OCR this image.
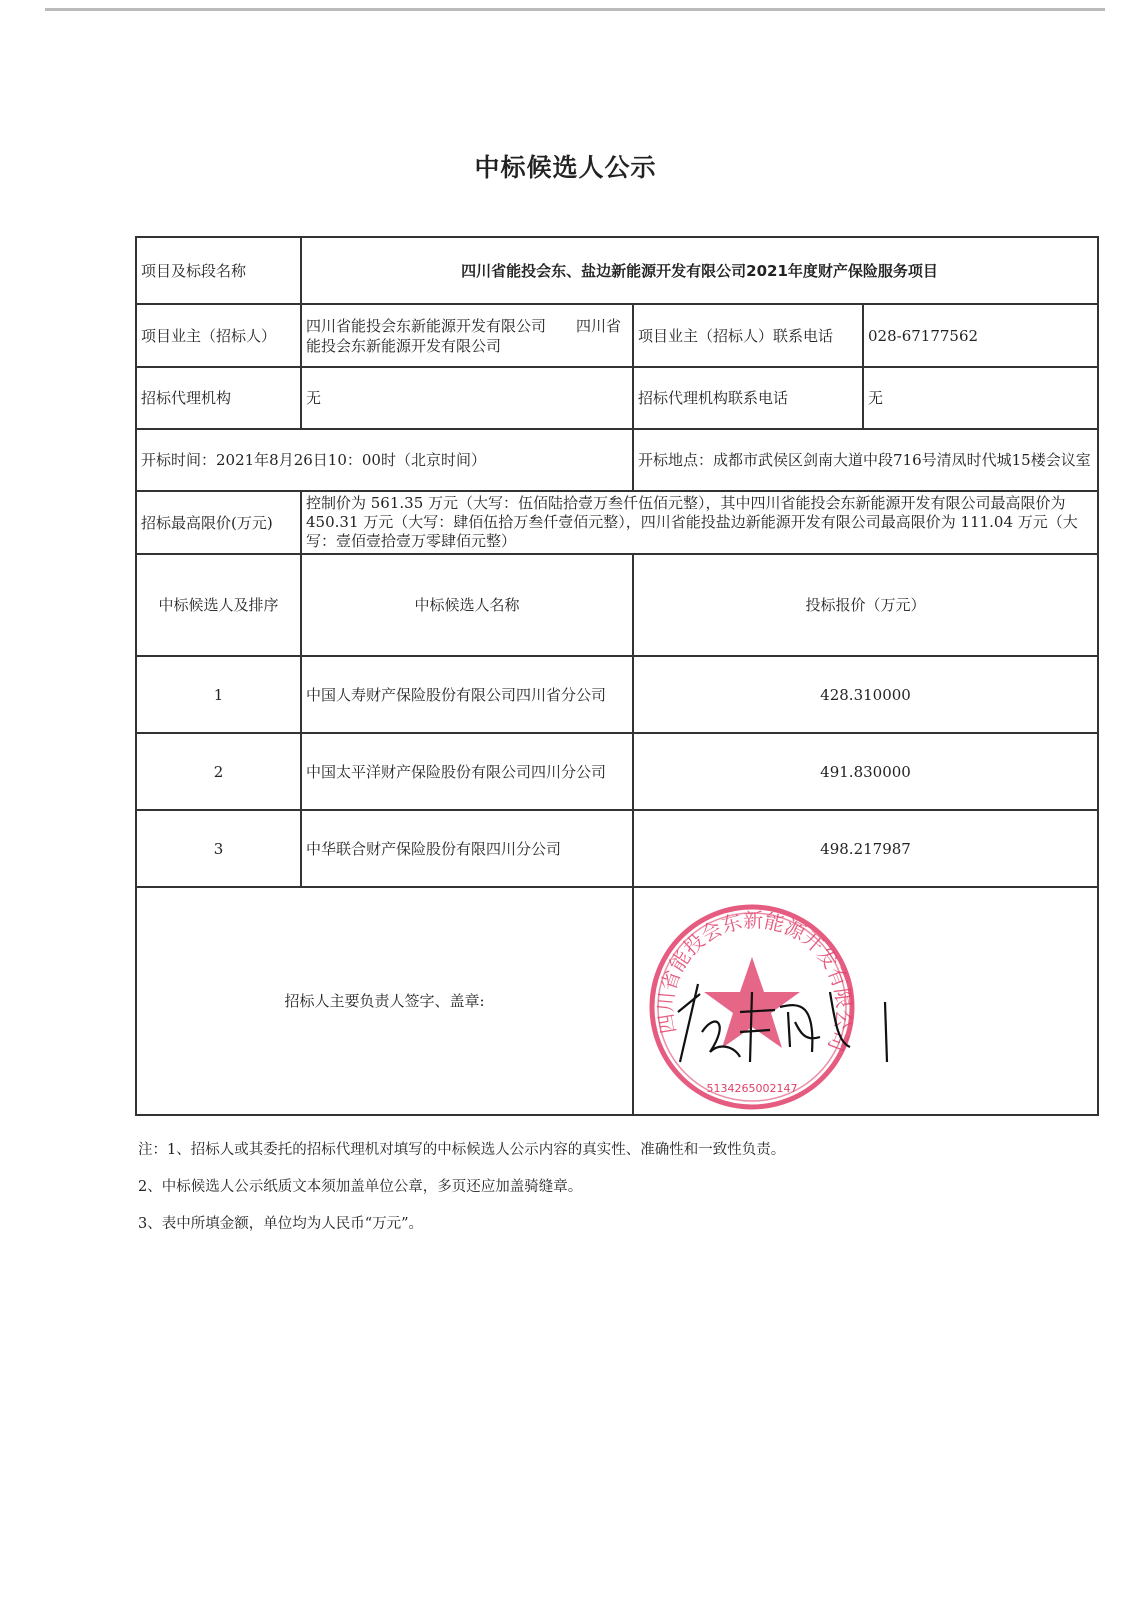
中标候选人公示
项目及标段名称	四川省能投会东、盐边新能源开发有限公司2021年度财产保险服务项目		
项目业主（招标人）	四川省能投会东新能源开发有限公司　　四川省能投会东新能源开发有限公司	项目业主（招标人）联系电话	028-67177562
招标代理机构	无	招标代理机构联系电话	无
开标时间：2021年8月26日10：00时（北京时间）		开标地点：成都市武侯区剑南大道中段716号清凤时代城15楼会议室	
招标最高限价(万元)	控制价为 561.35 万元（大写：伍佰陆拾壹万叁仟伍佰元整），其中四川省能投会东新能源开发有限公司最高限价为 450.31 万元（大写：肆佰伍拾万叁仟壹佰元整），四川省能投盐边新能源开发有限公司最高限价为 111.04 万元（大写：壹佰壹拾壹万零肆佰元整）		
中标候选人及排序	中标候选人名称	投标报价（万元）	
1	中国人寿财产保险股份有限公司四川省分公司	428.310000	
2	中国太平洋财产保险股份有限公司四川分公司	491.830000	
3	中华联合财产保险股份有限四川分公司	498.217987	
招标人主要负责人签字、盖章:		四川省能投会东新能源开发有限公司
5134265002147	

注：1、招标人或其委托的招标代理机对填写的中标候选人公示内容的真实性、准确性和一致性负责。

2、中标候选人公示纸质文本须加盖单位公章，多页还应加盖骑缝章。

3、表中所填金额，单位均为人民币“万元”。
